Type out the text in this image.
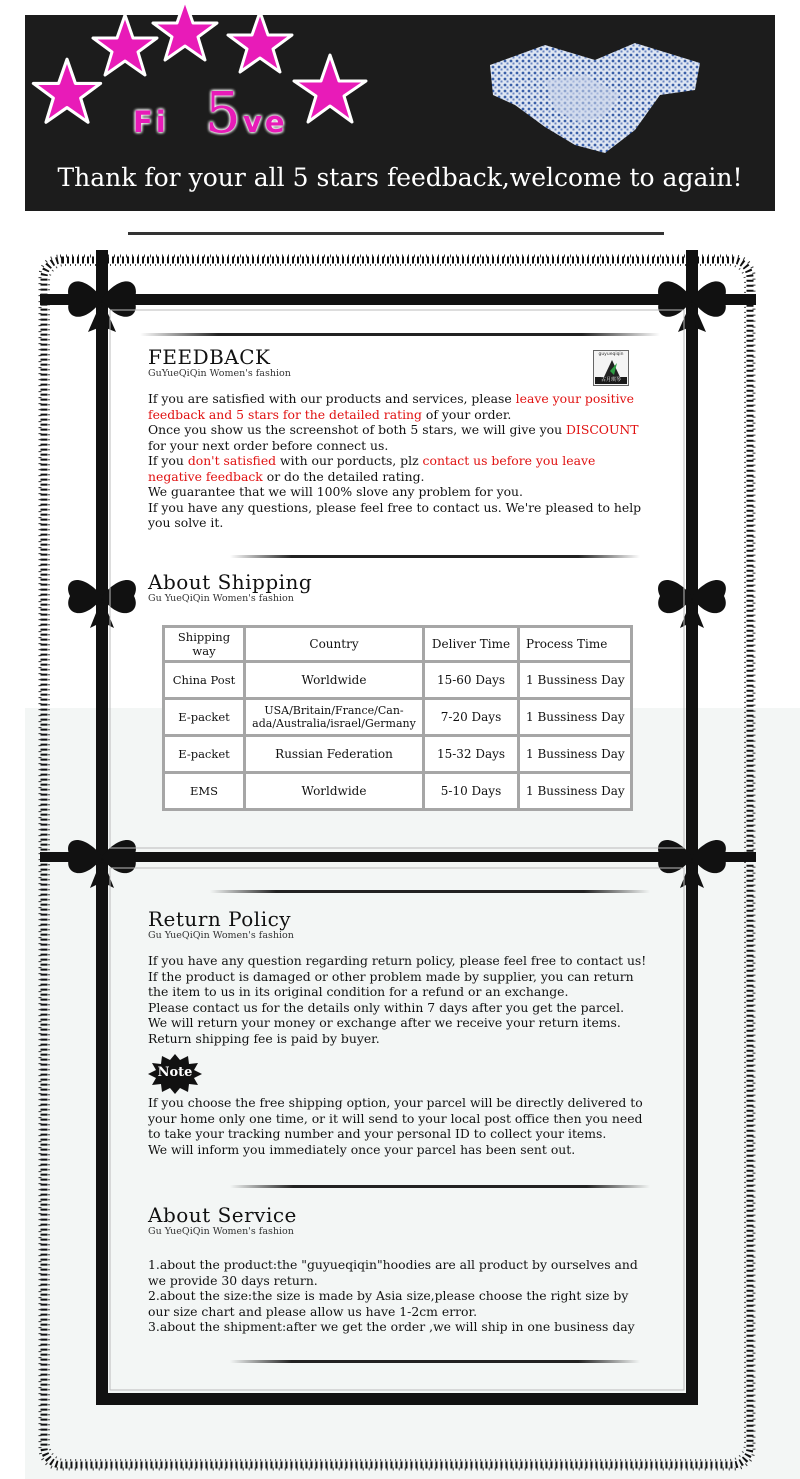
Fi 5 ve
Thank for your all 5 stars feedback,welcome to again!
FEEDBACK
GuYueQiQin Women's fashion
If you are satisfied with our products and services, please leave your positive feedback and 5 stars for the detailed rating of your order.
Once you show us the screenshot of both 5 stars, we will give you DISCOUNT for your next order before connect us.
If you don't satisfied with our porducts, plz contact us before you leave negative feedback or do the detailed rating.
We guarantee that we will 100% slove any problem for you.
If you have any questions, please feel free to contact us. We're pleased to help you solve it.
guyueqiqin
古月琪琴
About Shipping
Gu YueQiQin Women's fashion
Shipping way	Country	Deliver Time	Process Time
China Post	Worldwide	15-60 Days	1 Bussiness Day
E-packet	USA/Britain/France/Can-ada/Australia/israel/Germany	7-20 Days	1 Bussiness Day
E-packet	Russian Federation	15-32 Days	1 Bussiness Day
EMS	Worldwide	5-10 Days	1 Bussiness Day
Return Policy
Gu YueQiQin Women's fashion
If you have any question regarding return policy, please feel free to contact us!
If the product is damaged or other problem made by supplier, you can return the item to us in its original condition for a refund or an exchange.
Please contact us for the details only within 7 days after you get the parcel.
We will return your money or exchange after we receive your return items.
Return shipping fee is paid by buyer.
Note
If you choose the free shipping option, your parcel will be directly delivered to your home only one time, or it will send to your local post office then you need to take your tracking number and your personal ID to collect your items.
We will inform you immediately once your parcel has been sent out.
About Service
Gu YueQiQin Women's fashion
1.about the product:the "guyueqiqin"hoodies are all product by ourselves and we provide 30 days return.
2.about the size:the size is made by Asia size,please choose the right size by our size chart and please allow us have 1-2cm error.
3.about the shipment:after we get the order ,we will ship in one business day
